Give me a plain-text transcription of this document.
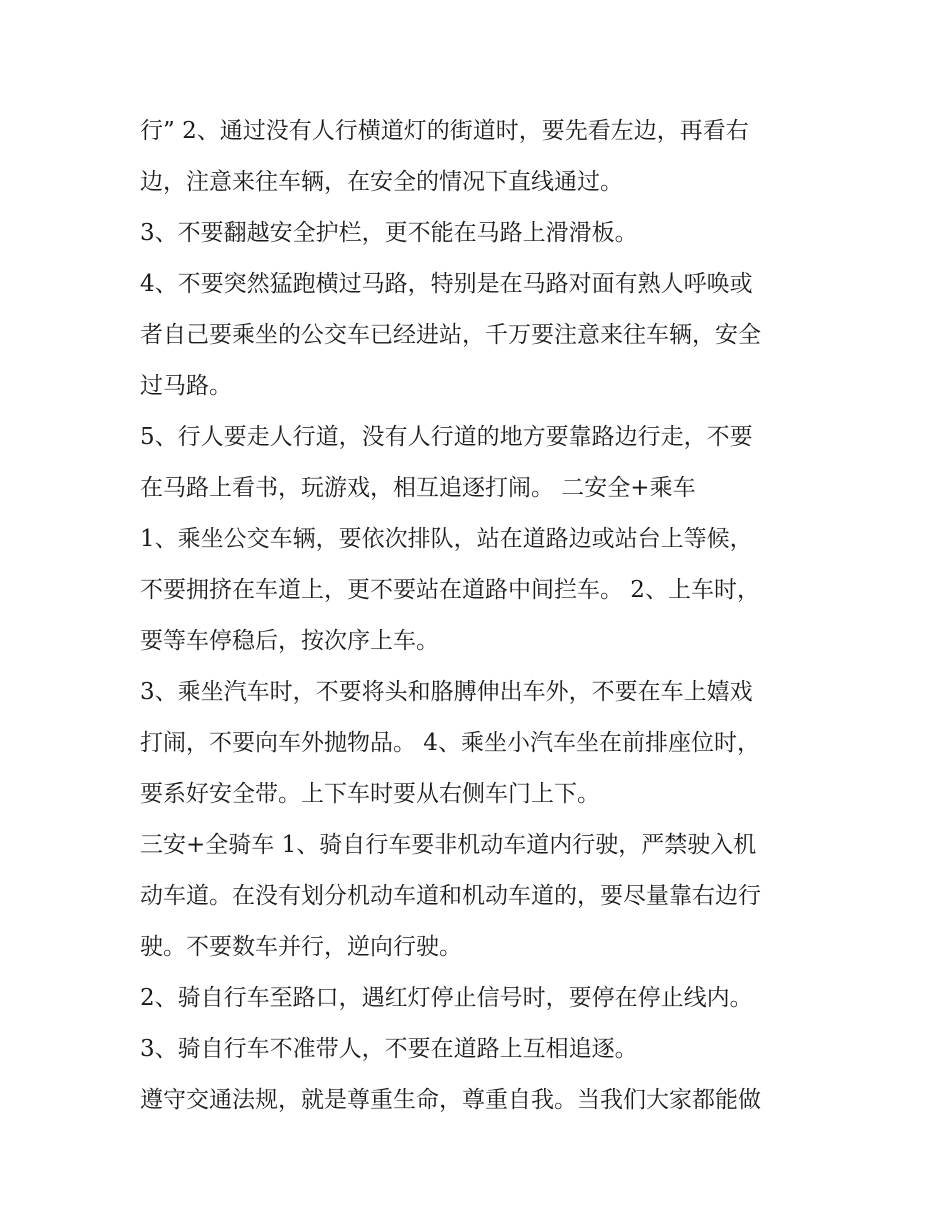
行” 2、通过没有人行横道灯的街道时，要先看左边，再看右
边，注意来往车辆，在安全的情况下直线通过。
3、不要翻越安全护栏，更不能在马路上滑滑板。
4、不要突然猛跑横过马路，特别是在马路对面有熟人呼唤或
者自己要乘坐的公交车已经进站，千万要注意来往车辆，安全
过马路。
5、行人要走人行道，没有人行道的地方要靠路边行走，不要
在马路上看书，玩游戏，相互追逐打闹。 二安全+乘车
1、乘坐公交车辆，要依次排队，站在道路边或站台上等候，
不要拥挤在车道上，更不要站在道路中间拦车。 2、上车时，
要等车停稳后，按次序上车。
3、乘坐汽车时，不要将头和胳膊伸出车外，不要在车上嬉戏
打闹，不要向车外抛物品。 4、乘坐小汽车坐在前排座位时，
要系好安全带。上下车时要从右侧车门上下。
三安+全骑车 1、骑自行车要非机动车道内行驶，严禁驶入机
动车道。在没有划分机动车道和机动车道的，要尽量靠右边行
驶。不要数车并行，逆向行驶。
2、骑自行车至路口，遇红灯停止信号时，要停在停止线内。
3、骑自行车不准带人，不要在道路上互相追逐。
遵守交通法规，就是尊重生命，尊重自我。当我们大家都能做
